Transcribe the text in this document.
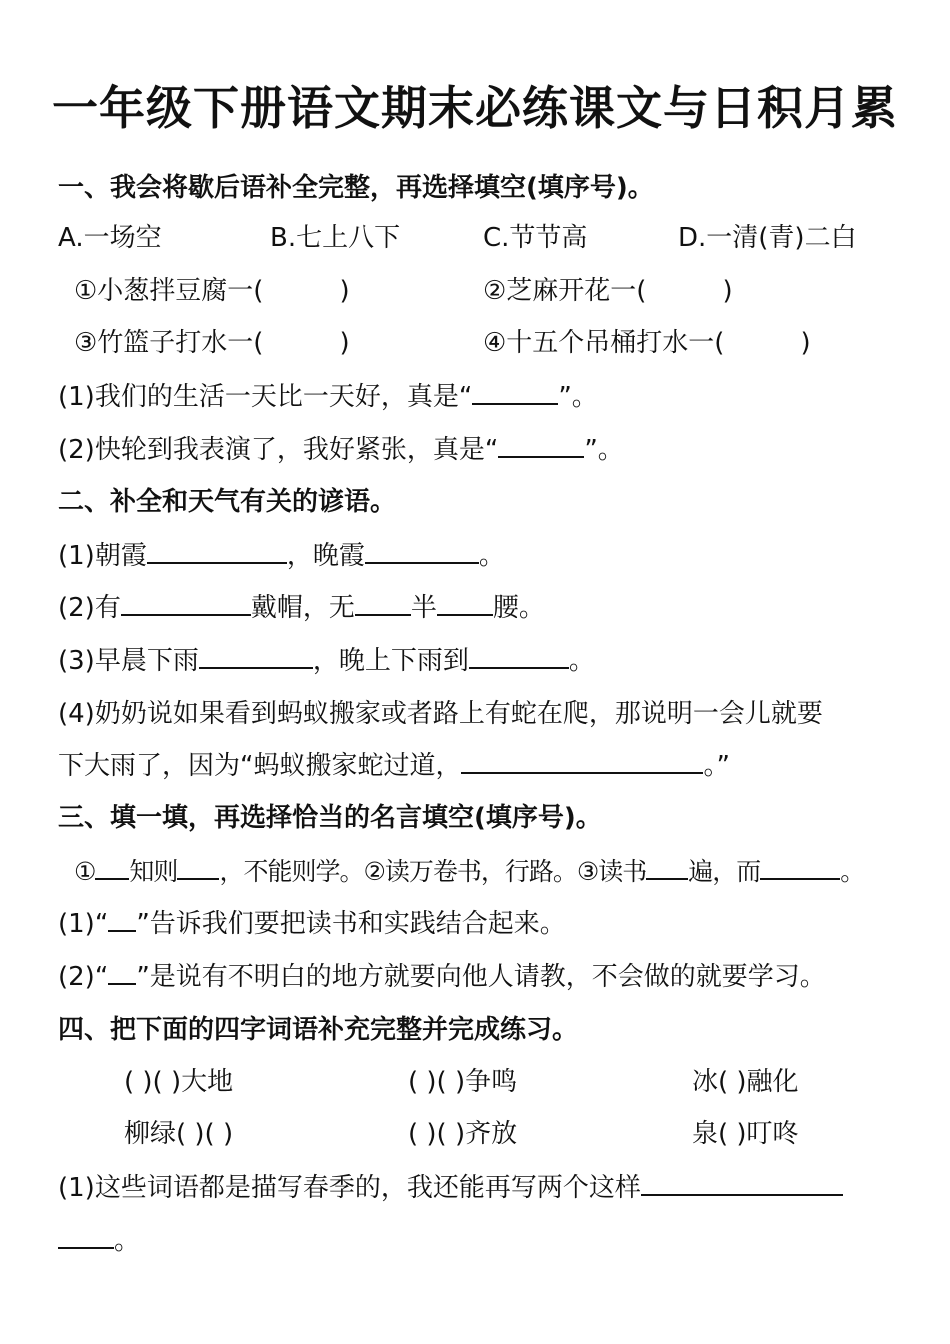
一年级下册语文期末必练课文与日积月累
一、我会将歇后语补全完整，再选择填空(填序号)。
A.一场空	B.七上八下	C.节节高	D.一清(青)二白
①小葱拌豆腐一(	)	②芝麻开花一(	)
③竹篮子打水一(	)	④十五个吊桶打水一(	)
(1)我们的生活一天比一天好，真是“	”。
(2)快轮到我表演了，我好紧张，真是“	”。
二、补全和天气有关的谚语。
(1)朝霞	，晚霞	。
(2)有	戴帽，无 半 腰。
(3)早晨下雨	，晚上下雨到	。
(4)奶奶说如果看到蚂蚁搬家或者路上有蛇在爬，那说明一会儿就要
下大雨了，因为“蚂蚁搬家蛇过道，	。”
三、填一填，再选择恰当的名言填空(填序号)。
① 知则 ，不能则学。②读万卷书，行路。③读书 遍，而	。
(1)“ ”告诉我们要把读书和实践结合起来。
(2)“ ”是说有不明白的地方就要向他人请教，不会做的就要学习。
四、把下面的四字词语补充完整并完成练习。
( )( )大地	( )( )争鸣	冰( )融化
柳绿( )( )	( )( )齐放	泉( )叮咚
(1)这些词语都是描写春季的，我还能再写两个这样
。
